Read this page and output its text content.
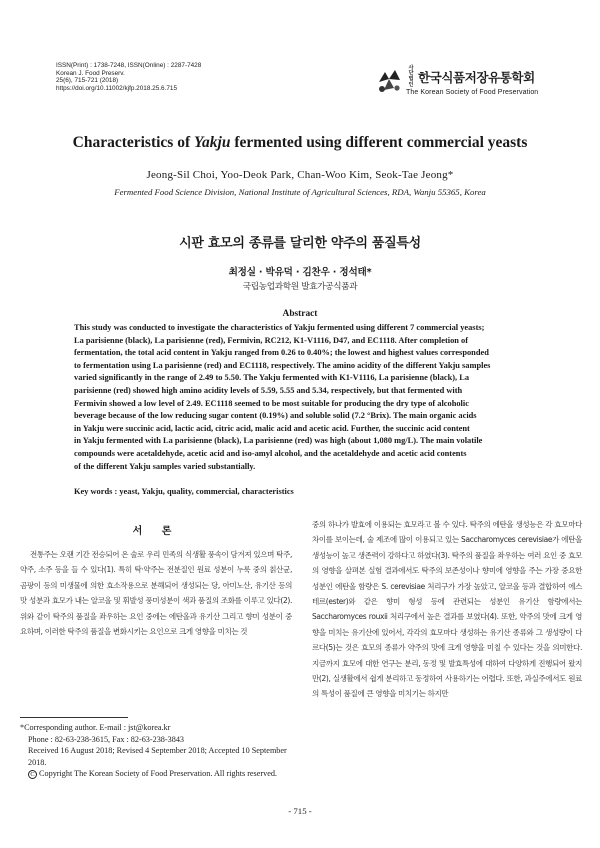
ISSN(Print) : 1738-7248, ISSN(Online) : 2287-7428
Korean J. Food Preserv.
25(6), 715-721 (2018)
https://doi.org/10.11002/kjfp.2018.25.6.715
사단
법인 한국식품저장유통학회
The Korean Society of Food Preservation
Characteristics of Yakju fermented using different commercial yeasts
Jeong-Sil Choi, Yoo-Deok Park, Chan-Woo Kim, Seok-Tae Jeong*
Fermented Food Science Division, National Institute of Agricultural Sciences, RDA, Wanju 55365, Korea
시판 효모의 종류를 달리한 약주의 품질특성
최정실 · 박유덕 · 김찬우 · 정석태*
국립농업과학원 발효가공식품과
Abstract
This study was conducted to investigate the characteristics of Yakju fermented using different 7 commercial yeasts;
La parisienne (black), La parisienne (red), Fermivin, RC212, K1-V1116, D47, and EC1118. After completion of
fermentation, the total acid content in Yakju ranged from 0.26 to 0.40%; the lowest and highest values corresponded
to fermentation using La parisienne (red) and EC1118, respectively. The amino acidity of the different Yakju samples
varied significantly in the range of 2.49 to 5.50. The Yakju fermented with K1-V1116, La parisienne (black), La
parisienne (red) showed high amino acidity levels of 5.59, 5.55 and 5.34, respectively, but that fermented with
Fermivin showed a low level of 2.49. EC1118 seemed to be most suitable for producing the dry type of alcoholic
beverage because of the low reducing sugar content (0.19%) and soluble solid (7.2 °Brix). The main organic acids
in Yakju were succinic acid, lactic acid, citric acid, malic acid and acetic acid. Further, the succinic acid content
in Yakju fermented with La parisienne (black), La parisienne (red) was high (about 1,080 mg/L). The main volatile
compounds were acetaldehyde, acetic acid and iso-amyl alcohol, and the acetaldehyde and acetic acid contents
of the different Yakju samples varied substantially.
Key words : yeast, Yakju, quality, commercial, characteristics
서 론

전통주는 오랜 기간 전승되어 온 술로 우리 민족의 식생활 풍속이 담겨져 있으며 탁주, 약주, 소주 등을 들 수 있다(1). 특히 탁·약주는 전분질인 원료 성분이 누룩 중의 칡산균, 곰팡이 등의 미생물에 의한 효소작용으로 분해되어 생성되는 당, 아미노산, 유기산 등의 맛 성분과 효모가 내는 알코올 및 휘발성 풍미성분이 색과 품질의 조화를 이루고 있다(2). 위와 같이 탁주의 품질을 좌우하는 요인 중에는 에탄올과 유기산 그리고 향미 성분이 중요하며, 이러한 탁주의 품질을 변화시키는 요인으로 크게 영향을 미치는 것

중의 하나가 발효에 이용되는 효모라고 볼 수 있다. 탁주의 에탄올 생성능은 각 효모마다 차이를 보이는데, 술 제조에 많이 이용되고 있는 Saccharomyces cerevisiae가 에탄올 생성능이 높고 생존력이 강하다고 하였다(3). 탁주의 품질을 좌우하는 여러 요인 중 효모의 영향을 살펴본 실험 결과에서도 탁주의 보존성이나 향미에 영향을 주는 가장 중요한 성분인 에탄올 함량은 S. cerevisiae 처리구가 가장 높았고, 알코올 등과 결합하여 에스테르(ester)와 같은 향미 형성 등에 관련되는 성분인 유기산 함량에서는 Saccharomyces rouxii 처리구에서 높은 결과를 보였다(4). 또한, 약주의 맛에 크게 영향을 미치는 유기산에 있어서, 각각의 효모마다 생성하는 유기산 종류와 그 생성량이 다르다(5)는 것은 효모의 종류가 약주의 맛에 크게 영향을 미칠 수 있다는 것을 의미한다. 지금까지 효모에 대한 연구는 분리, 동정 및 발효특성에 대하여 다양하게 진행되어 왔지만(2), 실생활에서 쉽게 분리하고 동정하여 사용하기는 어렵다. 또한, 과실주에서도 원료의 특성이 품질에 큰 영향을 미치기는 하지만

*Corresponding author. E-mail : jst@korea.kr
Phone : 82-63-238-3615, Fax : 82-63-238-3843
Received 16 August 2018; Revised 4 September 2018; Accepted 10 September 2018.
C Copyright The Korean Society of Food Preservation. All rights reserved.
- 715 -
